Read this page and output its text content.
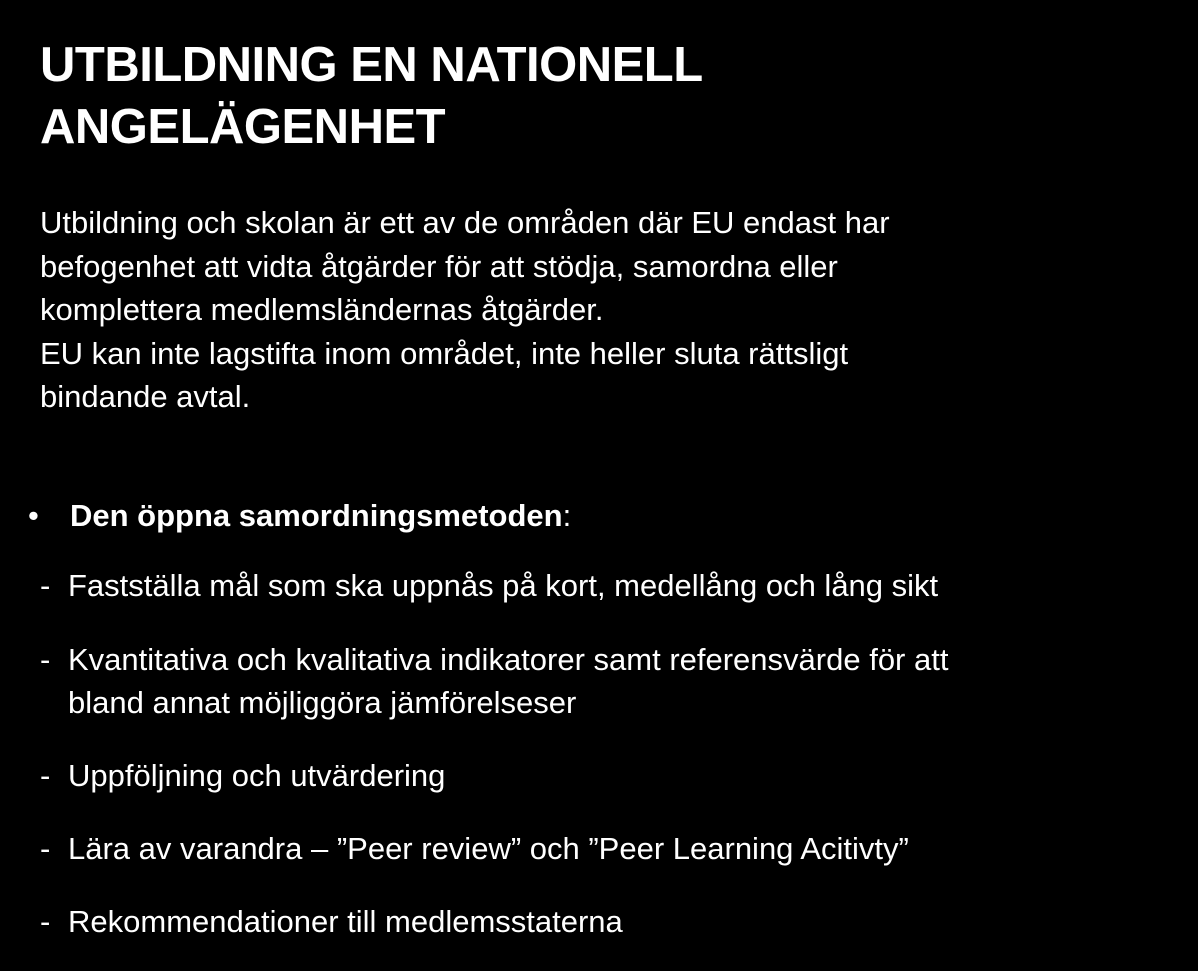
UTBILDNING EN NATIONELL
ANGELÄGENHET
Utbildning och skolan är ett av de områden där EU endast har
befogenhet att vidta åtgärder för att stödja, samordna eller
komplettera medlemsländernas åtgärder.
EU kan inte lagstifta inom området, inte heller sluta rättsligt
bindande avtal.
• Den öppna samordningsmetoden:
- Fastställa mål som ska uppnås på kort, medellång och lång sikt
- Kvantitativa och kvalitativa indikatorer samt referensvärde för att
bland annat möjliggöra jämförelseser
- Uppföljning och utvärdering
- Lära av varandra – ”Peer review” och ”Peer Learning Acitivty”
- Rekommendationer till medlemsstaterna
